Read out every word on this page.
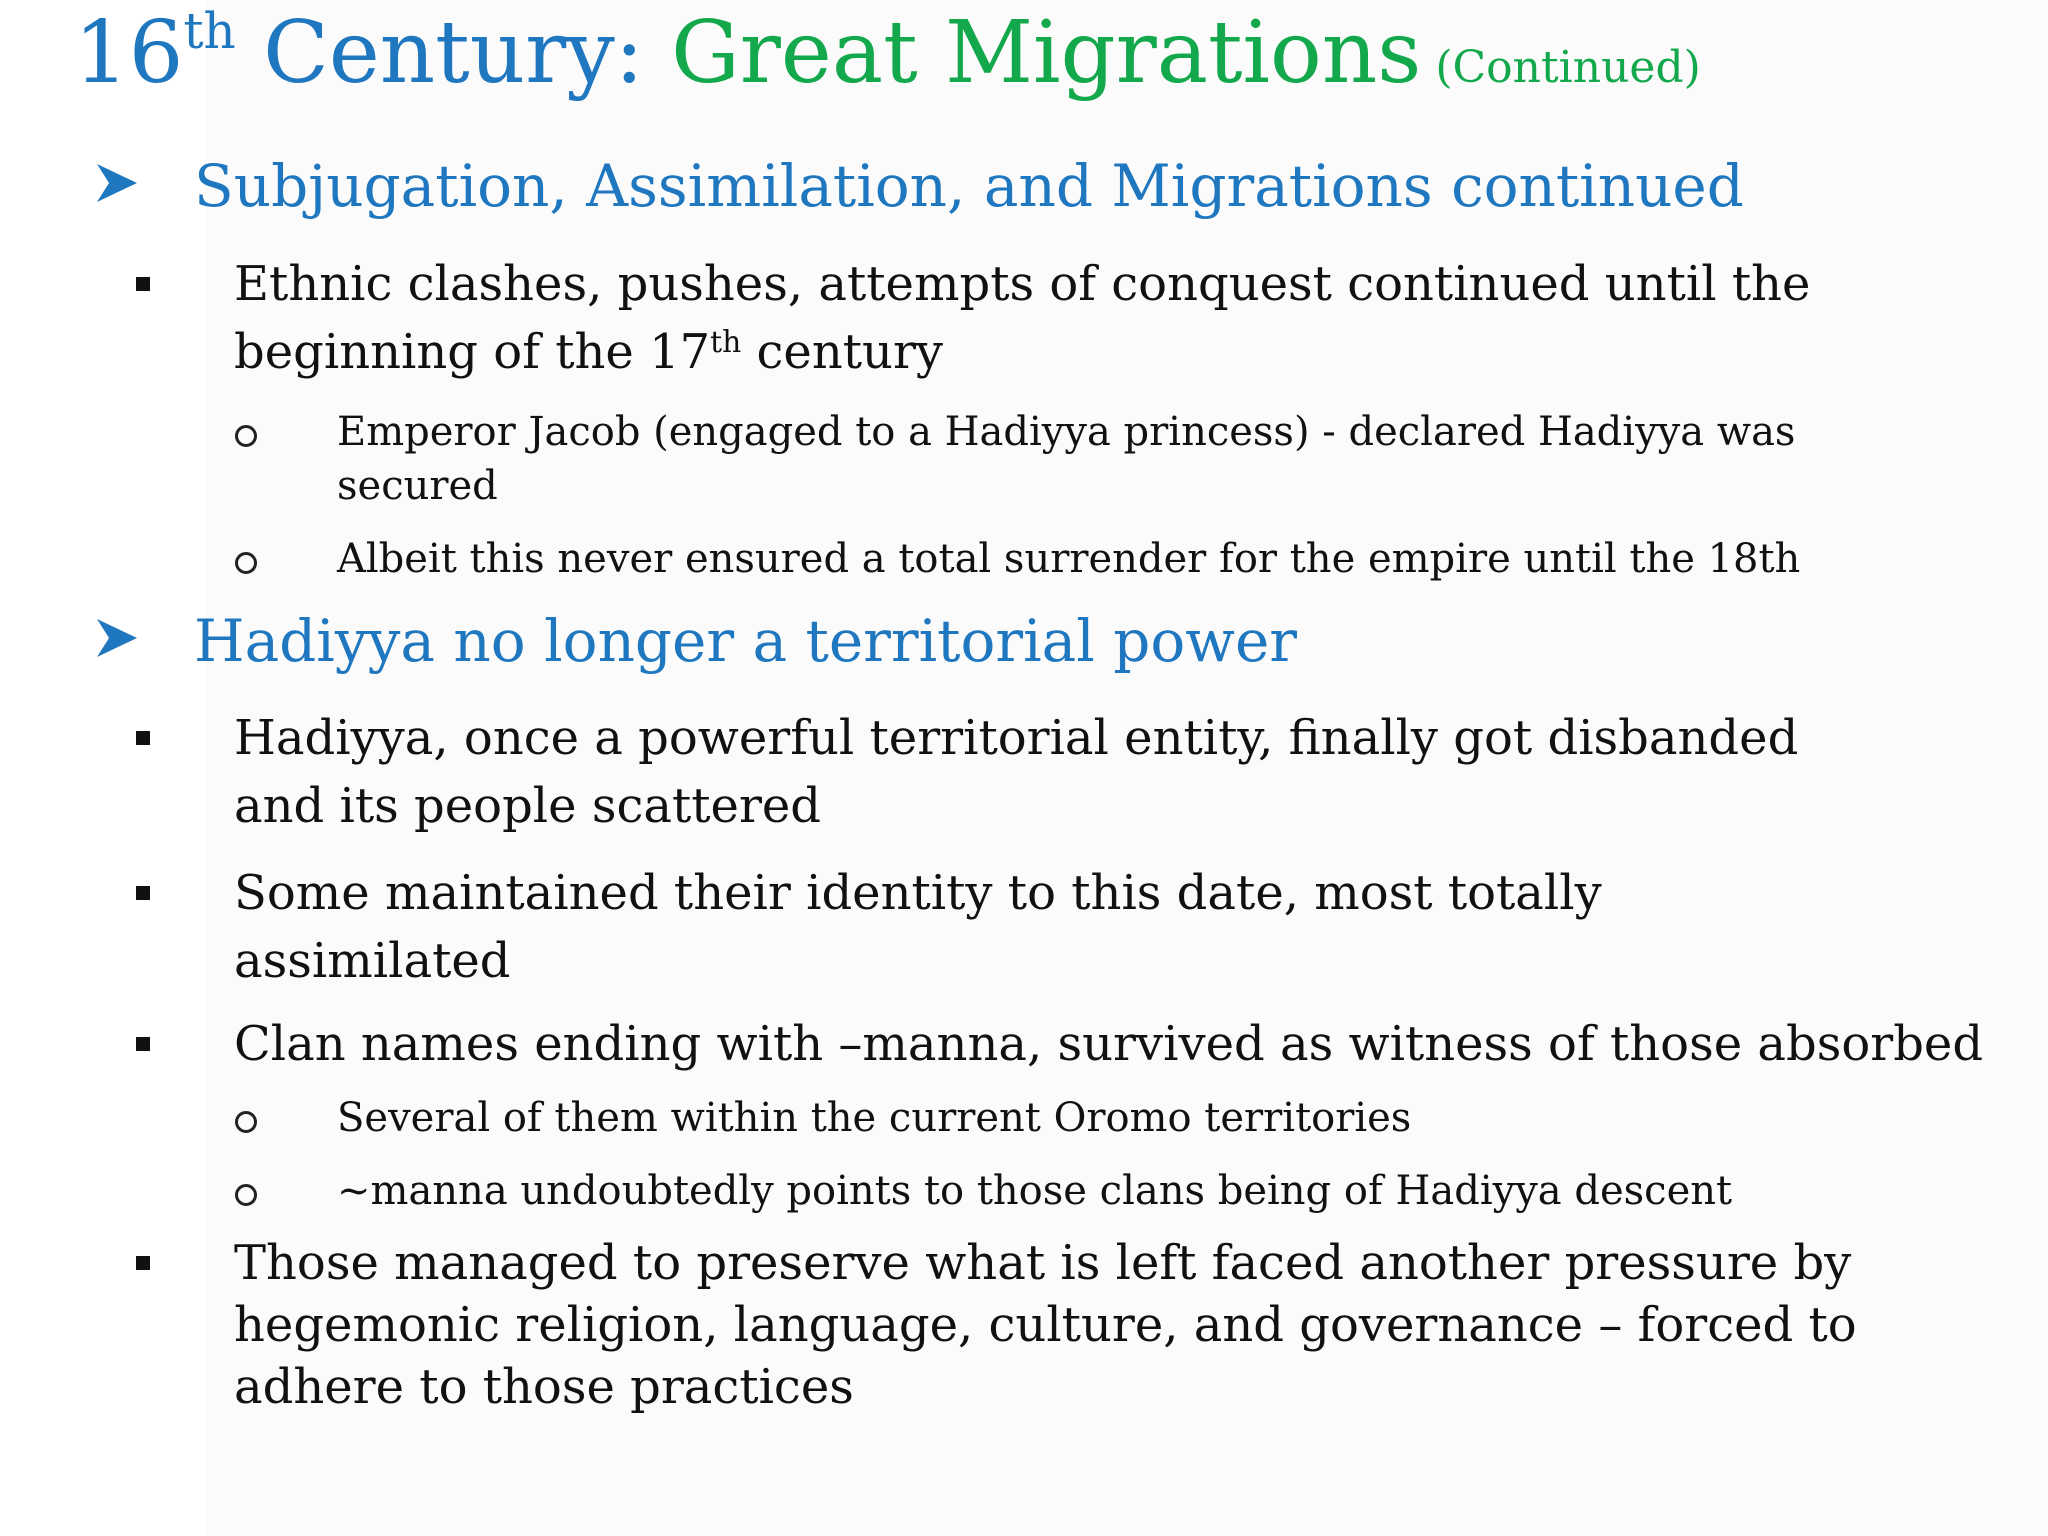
16th Century: Great Migrations (Continued)
Subjugation, Assimilation, and Migrations continued
Ethnic clashes, pushes, attempts of conquest continued until the
beginning of the 17th century
Emperor Jacob (engaged to a Hadiyya princess) - declared Hadiyya was
secured
Albeit this never ensured a total surrender for the empire until the 18th
Hadiyya no longer a territorial power
Hadiyya, once a powerful territorial entity, finally got disbanded
and its people scattered
Some maintained their identity to this date, most totally
assimilated
Clan names ending with –manna, survived as witness of those absorbed
Several of them within the current Oromo territories
~manna undoubtedly points to those clans being of Hadiyya descent
Those managed to preserve what is left faced another pressure by
hegemonic religion, language, culture, and governance – forced to
adhere to those practices
